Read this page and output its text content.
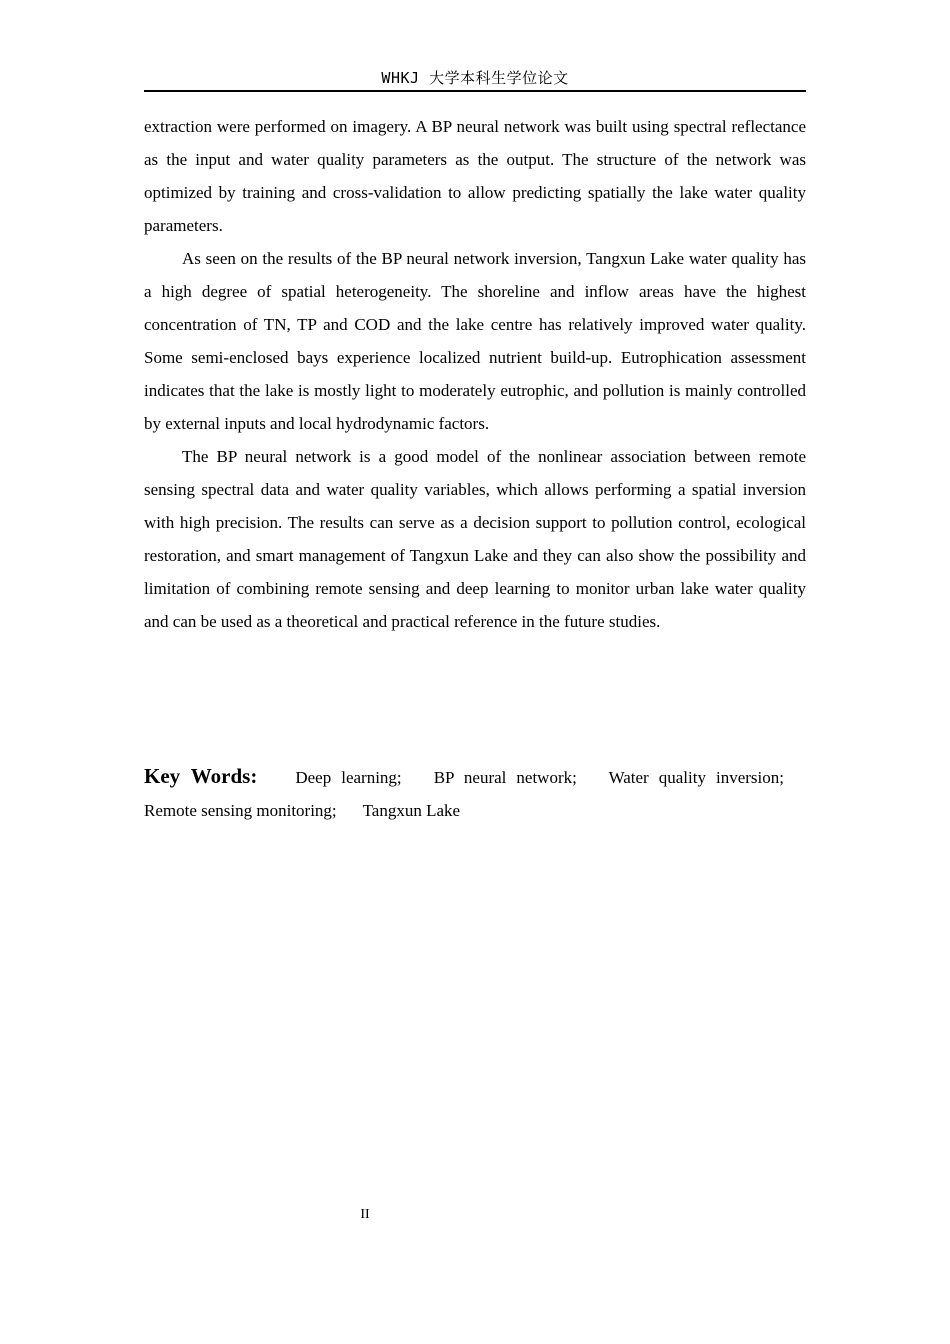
WHKJ 大学本科生学位论文

extraction were performed on imagery. A BP neural network was built using spectral reflectance as the input and water quality parameters as the output. The structure of the network was optimized by training and cross-validation to allow predicting spatially the lake water quality parameters.

As seen on the results of the BP neural network inversion, Tangxun Lake water quality has a high degree of spatial heterogeneity. The shoreline and inflow areas have the highest concentration of TN, TP and COD and the lake centre has relatively improved water quality. Some semi-enclosed bays experience localized nutrient build-up. Eutrophication assessment indicates that the lake is mostly light to moderately eutrophic, and pollution is mainly controlled by external inputs and local hydrodynamic factors.

The BP neural network is a good model of the nonlinear association between remote sensing spectral data and water quality variables, which allows performing a spatial inversion with high precision. The results can serve as a decision support to pollution control, ecological restoration, and smart management of Tangxun Lake and they can also show the possibility and limitation of combining remote sensing and deep learning to monitor urban lake water quality and can be used as a theoretical and practical reference in the future studies.

Key Words: Deep learning; BP neural network; Water quality inversion; Remote sensing monitoring; Tangxun Lake

II
